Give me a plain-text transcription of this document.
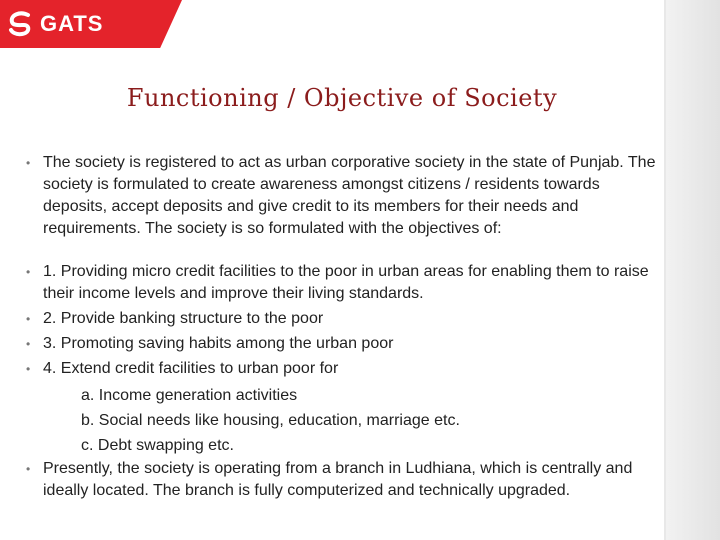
GATS
Functioning / Objective of Society
• The society is registered to act as urban corporative society in the state of Punjab. The society is formulated to create awareness amongst citizens / residents towards deposits, accept deposits and give credit to its members for their needs and requirements. The society is so formulated with the objectives of:
• 1. Providing micro credit facilities to the poor in urban areas for enabling them to raise their income levels and improve their living standards.
• 2. Provide banking structure to the poor
• 3. Promoting saving habits among the urban poor
• 4. Extend credit facilities to urban poor for
a. Income generation activities
b. Social needs like housing, education, marriage etc.
c. Debt swapping etc.
• Presently, the society is operating from a branch in Ludhiana, which is centrally and ideally located. The branch is fully computerized and technically upgraded.
